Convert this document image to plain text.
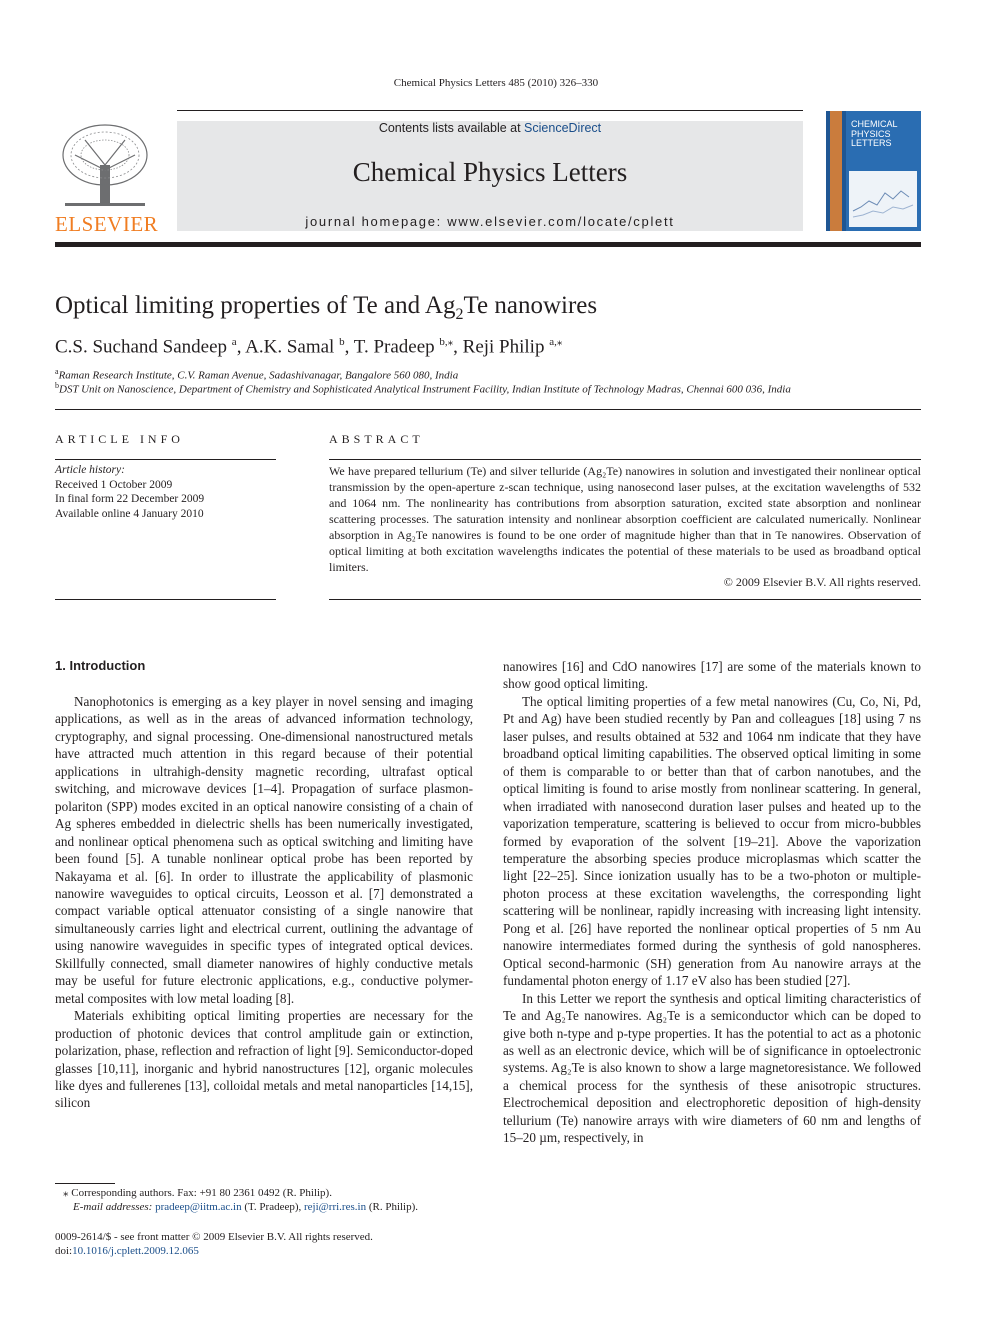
Chemical Physics Letters 485 (2010) 326–330
ELSEVIER
Contents lists available at ScienceDirect
Chemical Physics Letters
journal homepage: www.elsevier.com/locate/cplett
CHEMICAL
PHYSICS
LETTERS
Optical limiting properties of Te and $Ag_2Te$ nanowires
C.S. Suchand Sandeep $^a$, A.K. Samal $^b$, T. Pradeep $^{b,⁎}$, Reji Philip $^{a,⁎}$
$^a$Raman Research Institute, C.V. Raman Avenue, Sadashivanagar, Bangalore 560 080, India
$^b$DST Unit on Nanoscience, Department of Chemistry and Sophisticated Analytical Instrument Facility, Indian Institute of Technology Madras, Chennai 600 036, India
ARTICLE INFO
Article history:
Received 1 October 2009
In final form 22 December 2009
Available online 4 January 2010
ABSTRACT
We have prepared tellurium (Te) and silver telluride (Ag₂Te) nanowires in solution and investigated their nonlinear optical transmission by the open-aperture z-scan technique, using nanosecond laser pulses, at the excitation wavelengths of 532 and 1064 nm. The nonlinearity has contributions from absorption saturation, excited state absorption and nonlinear scattering processes. The saturation intensity and nonlinear absorption coefficient are calculated numerically. Nonlinear absorption in Ag₂Te nanowires is found to be one order of magnitude higher than that in Te nanowires. Observation of optical limiting at both excitation wavelengths indicates the potential of these materials to be used as broadband optical limiters.
© 2009 Elsevier B.V. All rights reserved.
1. Introduction

Nanophotonics is emerging as a key player in novel sensing and imaging applications, as well as in the areas of advanced information technology, cryptography, and signal processing. One-dimensional nanostructured metals have attracted much attention in this regard because of their potential applications in ultrahigh-density magnetic recording, ultrafast optical switching, and microwave devices [1–4]. Propagation of surface plasmon-polariton (SPP) modes excited in an optical nanowire consisting of a chain of Ag spheres embedded in dielectric shells has been numerically investigated, and nonlinear optical phenomena such as optical switching and limiting have been found [5]. A tunable nonlinear optical probe has been reported by Nakayama et al. [6]. In order to illustrate the applicability of plasmonic nanowire waveguides to optical circuits, Leosson et al. [7] demonstrated a compact variable optical attenuator consisting of a single nanowire that simultaneously carries light and electrical current, outlining the advantage of using nanowire waveguides in specific types of integrated optical devices. Skillfully connected, small diameter nanowires of highly conductive metals may be useful for future electronic applications, e.g., conductive polymer-metal composites with low metal loading [8].

Materials exhibiting optical limiting properties are necessary for the production of photonic devices that control amplitude gain or extinction, polarization, phase, reflection and refraction of light [9]. Semiconductor-doped glasses [10,11], inorganic and hybrid nanostructures [12], organic molecules like dyes and fullerenes [13], colloidal metals and metal nanoparticles [14,15], silicon

nanowires [16] and CdO nanowires [17] are some of the materials known to show good optical limiting.

The optical limiting properties of a few metal nanowires (Cu, Co, Ni, Pd, Pt and Ag) have been studied recently by Pan and colleagues [18] using 7 ns laser pulses, and results obtained at 532 and 1064 nm indicate that they have broadband optical limiting capabilities. The observed optical limiting in some of them is comparable to or better than that of carbon nanotubes, and the optical limiting is found to arise mostly from nonlinear scattering. In general, when irradiated with nanosecond duration laser pulses and heated up to the vaporization temperature, scattering is believed to occur from micro-bubbles formed by evaporation of the solvent [19–21]. Above the vaporization temperature the absorbing species produce microplasmas which scatter the light [22–25]. Since ionization usually has to be a two-photon or multiple-photon process at these excitation wavelengths, the corresponding light scattering will be nonlinear, rapidly increasing with increasing light intensity. Pong et al. [26] have reported the nonlinear optical properties of 5 nm Au nanowire intermediates formed during the synthesis of gold nanospheres. Optical second-harmonic (SH) generation from Au nanowire arrays at the fundamental photon energy of 1.17 eV also has been studied [27].

In this Letter we report the synthesis and optical limiting characteristics of Te and Ag₂Te nanowires. Ag₂Te is a semiconductor which can be doped to give both n-type and p-type properties. It has the potential to act as a photonic as well as an electronic device, which will be of significance in optoelectronic systems. Ag₂Te is also known to show a large magnetoresistance. We followed a chemical process for the synthesis of these anisotropic structures. Electrochemical deposition and electrophoretic deposition of high-density tellurium (Te) nanowire arrays with wire diameters of 60 nm and lengths of 15–20 µm, respectively, in

⁎ Corresponding authors. Fax: +91 80 2361 0492 (R. Philip).
E-mail addresses: pradeep@iitm.ac.in (T. Pradeep), reji@rri.res.in (R. Philip).
0009-2614/$ - see front matter © 2009 Elsevier B.V. All rights reserved.
doi:10.1016/j.cplett.2009.12.065
